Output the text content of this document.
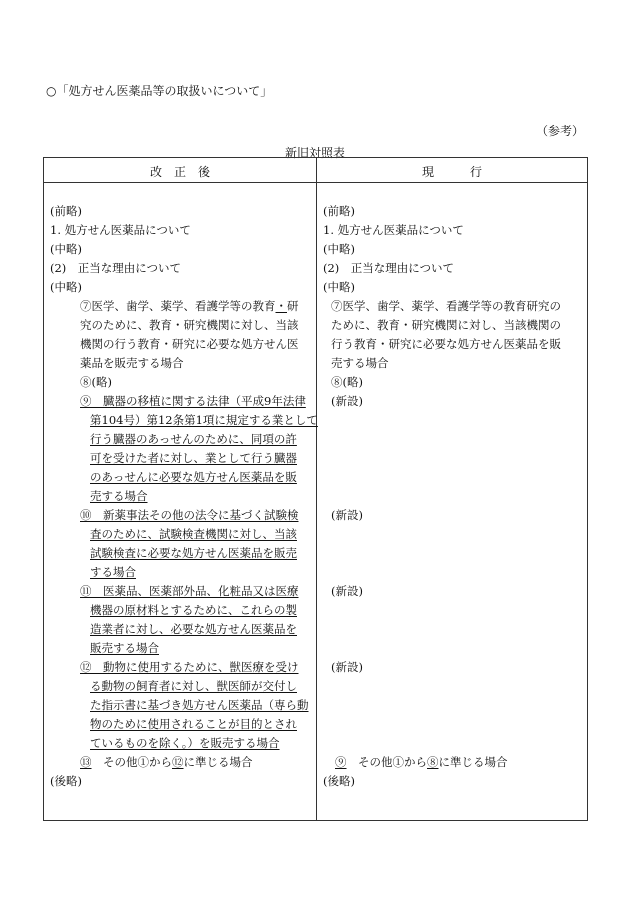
○「処方せん医薬品等の取扱いについて」
（参考）
新旧対照表
改　正　後	現　　　行
(前略)
1. 処方せん医薬品について
(中略)
(2)　正当な理由について
(中略)
⑦医学、歯学、薬学、看護学等の教育・研
究のために、教育・研究機関に対し、当該
機関の行う教育・研究に必要な処方せん医
薬品を販売する場合
⑧(略)
⑨　臓器の移植に関する法律（平成9年法律
第104号）第12条第1項に規定する業として
行う臓器のあっせんのために、同項の許
可を受けた者に対し、業として行う臓器
のあっせんに必要な処方せん医薬品を販
売する場合
⑩　新薬事法その他の法令に基づく試験検
査のために、試験検査機関に対し、当該
試験検査に必要な処方せん医薬品を販売
する場合
⑪　医薬品、医薬部外品、化粧品又は医療
機器の原材料とするために、これらの製
造業者に対し、必要な処方せん医薬品を
販売する場合
⑫　動物に使用するために、獣医療を受け
る動物の飼育者に対し、獣医師が交付し
た指示書に基づき処方せん医薬品（専ら動
物のために使用されることが目的とされ
ているものを除く。）を販売する場合
⑬　その他①から⑫に準じる場合
(後略)
(前略)
1. 処方せん医薬品について
(中略)
(2)　正当な理由について
(中略)
⑦医学、歯学、薬学、看護学等の教育研究の
ために、教育・研究機関に対し、当該機関の
行う教育・研究に必要な処方せん医薬品を販
売する場合
⑧(略)
(新設)
(新設)
(新設)
(新設)
⑨　その他①から⑧に準じる場合
(後略)
